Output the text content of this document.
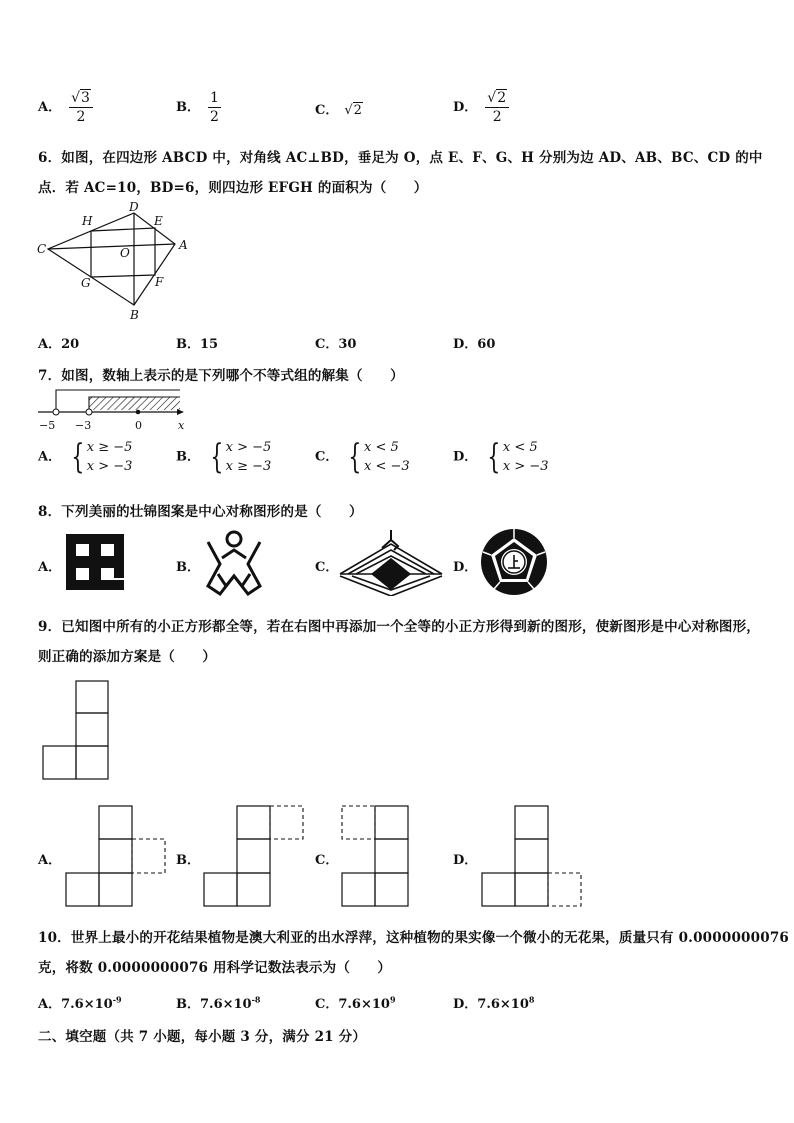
A． $\frac{√3}{2}$	B． $\frac{1}{2}$	C． √2	D． $\frac{√2}{2}$
6．如图，在四边形 ABCD 中，对角线 AC⊥BD，垂足为 O，点 E、F、G、H 分别为边 AD、AB、BC、CD 的中
点．若 AC=10，BD=6，则四边形 EFGH 的面积为（　　）
A
B
C
D
E
F
G
H
O
A．20	B．15	C．30	D．60
7．如图，数轴上表示的是下列哪个不等式组的解集（　　）
−5 −3	0	x
A． { x ≥ −5
x > −3
B． { x > −5
x ≥ −3
C． { x < 5
x < −3
D． { x < 5
x > −3
8．下列美丽的壮锦图案是中心对称图形的是（　　）
A．	B．	C．	D．
9．已知图中所有的小正方形都全等，若在右图中再添加一个全等的小正方形得到新的图形，使新图形是中心对称图形，
则正确的添加方案是（　　）
A．	B．	C．	D．
10．世界上最小的开花结果植物是澳大利亚的出水浮萍，这种植物的果实像一个微小的无花果，质量只有 0.0000000076
克，将数 0.0000000076 用科学记数法表示为（　　）
A．$7.6\times 10^{-9}$	B．$7.6\times 10^{-8}$	C．$7.6\times 10^9$	D．$7.6\times 10^8$
二、填空题（共 7 小题，每小题 3 分，满分 21 分）
